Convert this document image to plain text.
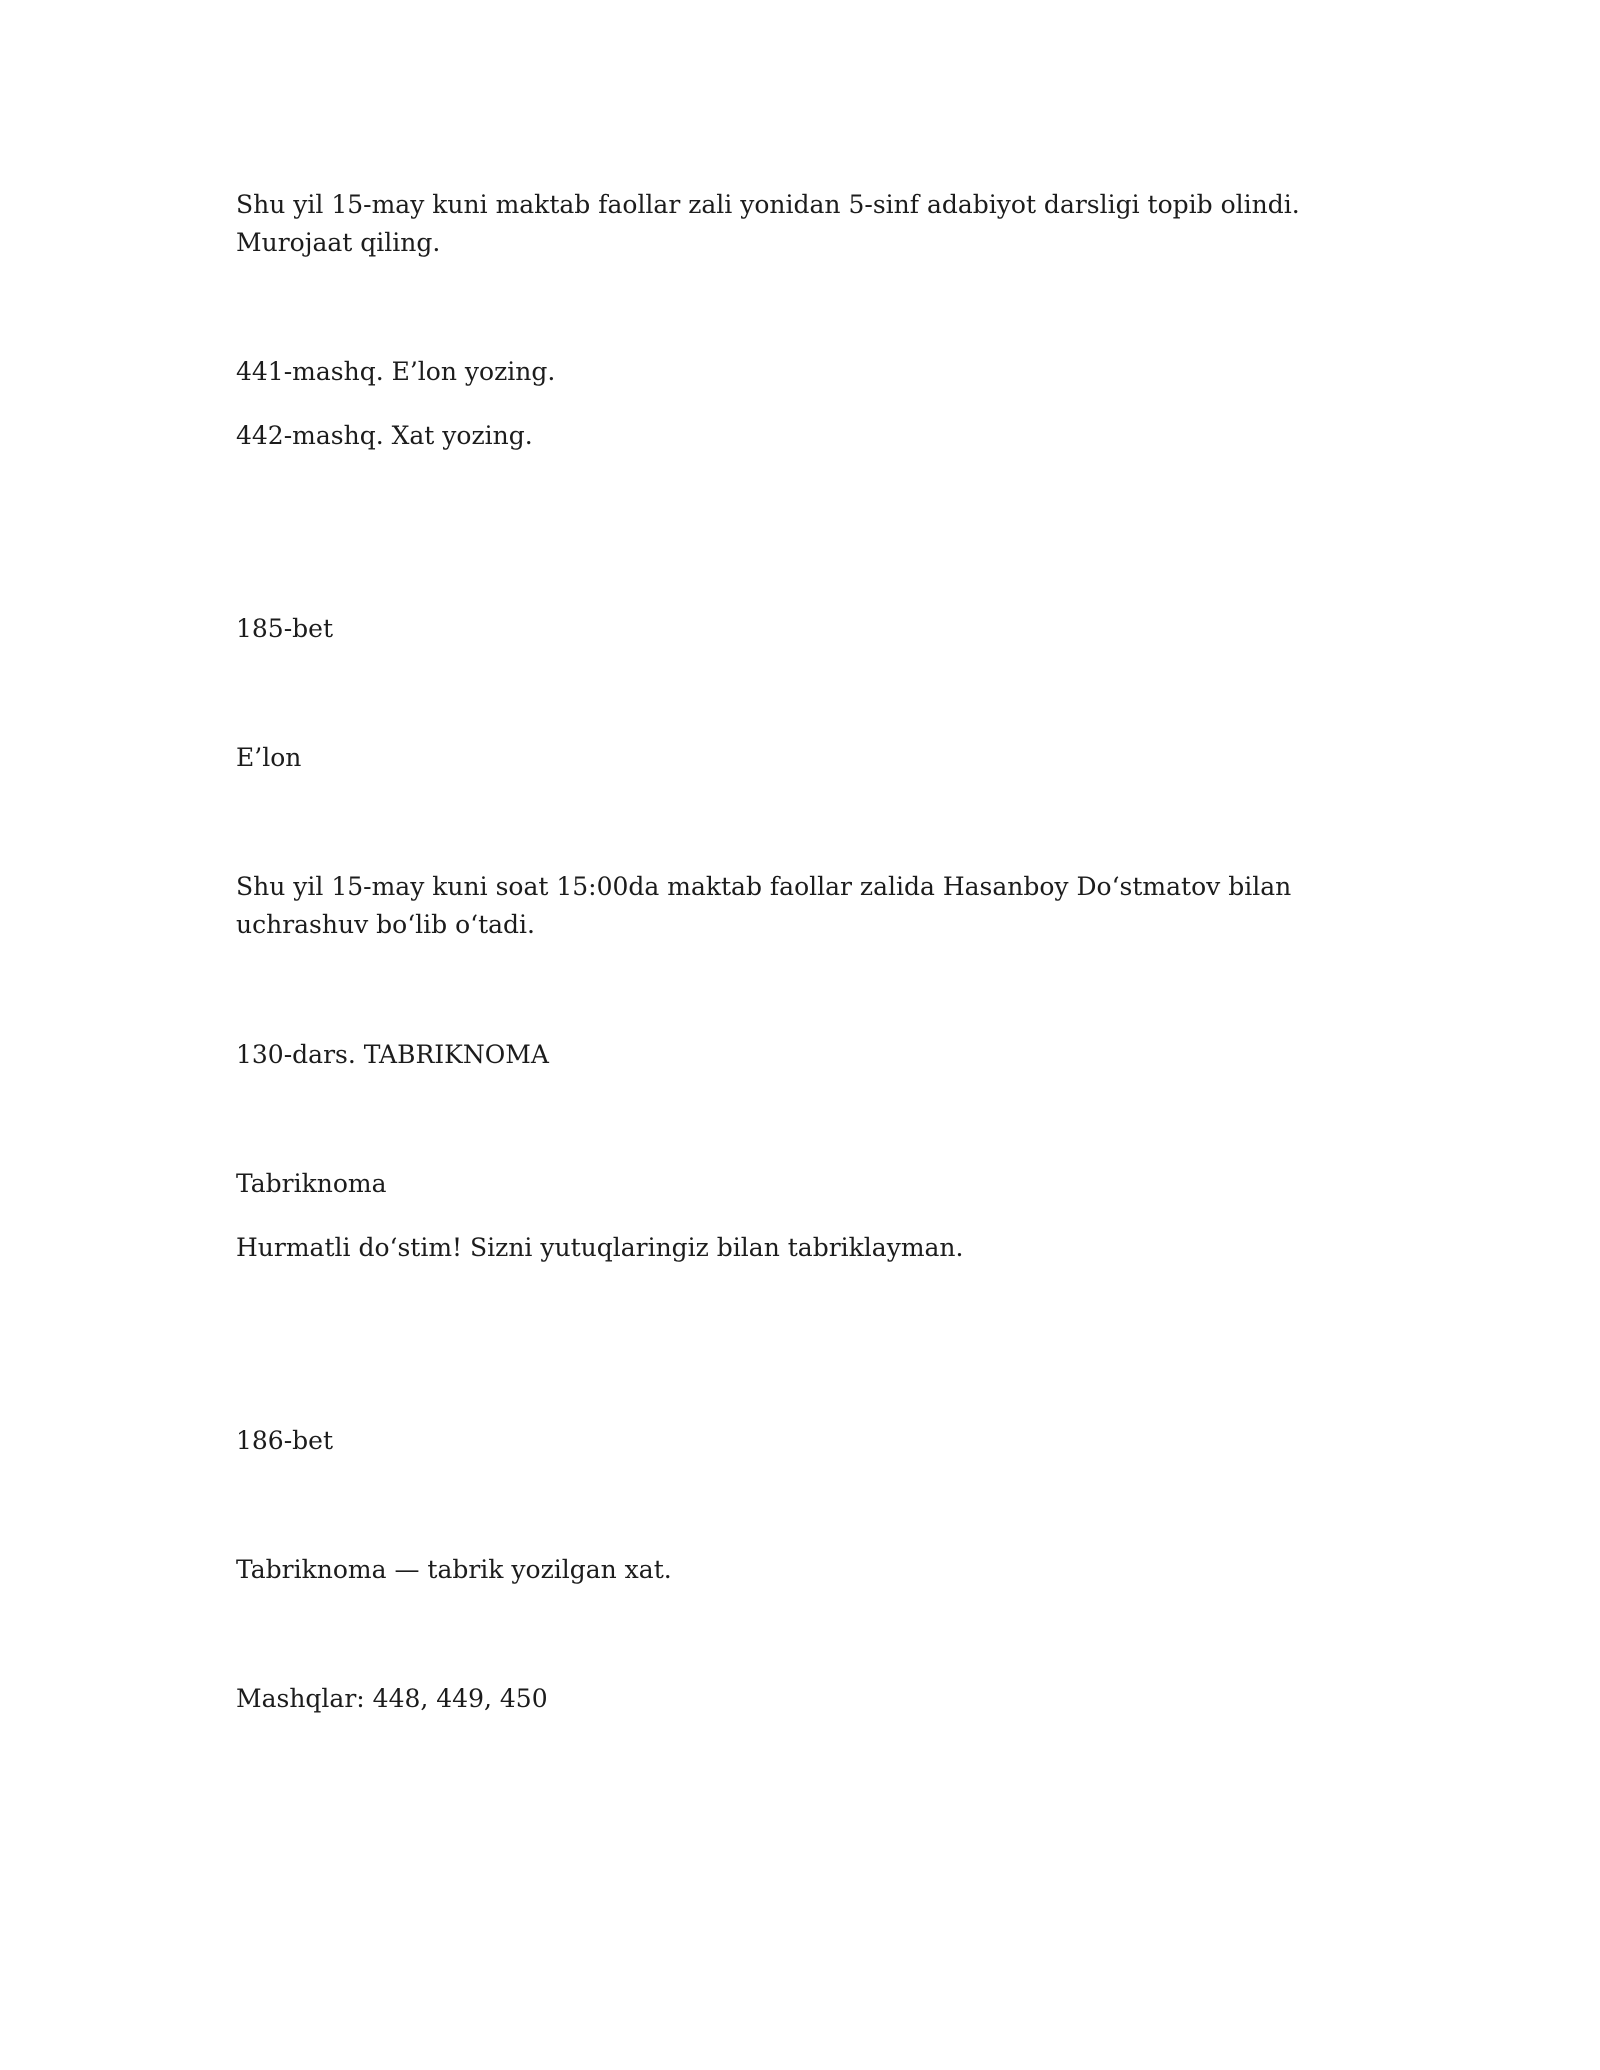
Shu yil 15-may kuni maktab faollar zali yonidan 5-sinf adabiyot darsligi topib olindi. Murojaat qiling.

441-mashq. E’lon yozing.

442-mashq. Xat yozing.

185-bet

E’lon

Shu yil 15-may kuni soat 15:00da maktab faollar zalida Hasanboy Do‘stmatov bilan uchrashuv bo‘lib o‘tadi.

130-dars. TABRIKNOMA

Tabriknoma

Hurmatli do‘stim! Sizni yutuqlaringiz bilan tabriklayman.

186-bet

Tabriknoma — tabrik yozilgan xat.

Mashqlar: 448, 449, 450
